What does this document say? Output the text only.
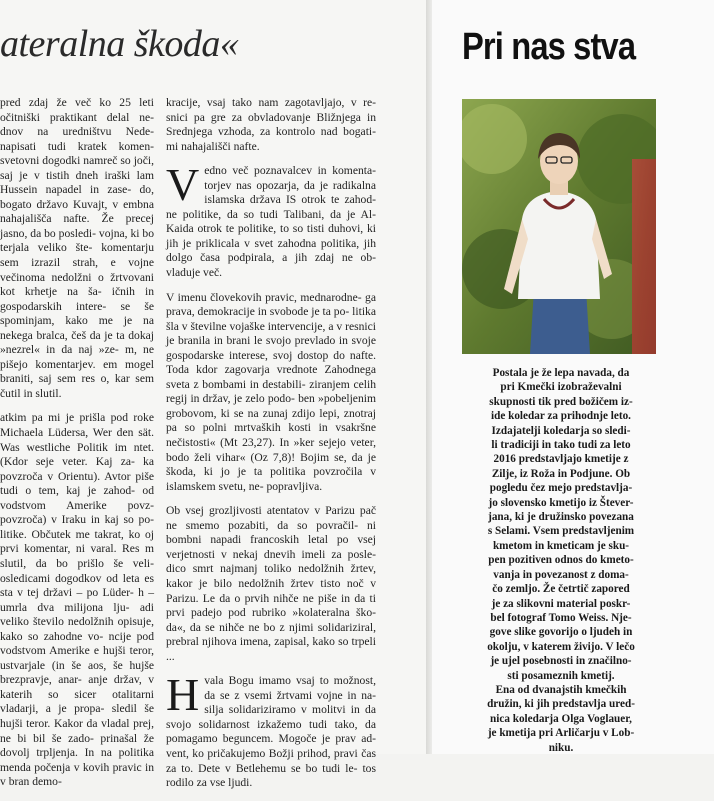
ateralna škoda«

pred zdaj že več ko 25 leti očitniški praktikant delal ne- dnov na uredništvu Nede- napisati tudi kratek komen- svetovni dogodki namreč so joči, saj je v tistih dneh iraški lam Hussein napadel in zase- do, bogato državo Kuvajt, v embna nahajališča nafte. Že precej jasno, da bo posledi- vojna, ki bo terjala veliko šte- komentarju sem izrazil strah, e vojne večinoma nedolžni o žrtvovani kot krhetje na ša- ičnih in gospodarskih intere- se še spominjam, kako me je na nekega bralca, češ da je ta dokaj »nezrel« in da naj »ze- m, ne pišejo komentarjev. em mogel braniti, saj sem res o, kar sem čutil in slutil.

atkim pa mi je prišla pod roke Michaela Lüdersa, Wer den sät. Was westliche Politik im ntet. (Kdor seje veter. Kaj za- ka povzroča v Orientu). Avtor piše tudi o tem, kaj je zahod- od vodstvom Amerike povz- povzroča) v Iraku in kaj so po- litike. Občutek me takrat, ko oj prvi komentar, ni varal. Res m slutil, da bo prišlo še veli- osledicami dogodkov od leta es sta v tej državi – po Lüder- h – umrla dva milijona lju- adi veliko število nedolžnih opisuje, kako so zahodne vo- ncije pod vodstvom Amerike e hujši teror, ustvarjale (in še aos, še hujše brezpravje, anar- anje držav, v katerih so sicer otalitarni vladarji, a je propa- sledil še hujši teror. Kakor da vladal prej, ne bi bil še zado- prinašal že dovolj trpljenja. In na politika menda počenja v kovih pravic in v bran demo-

kracije, vsaj tako nam zagotavljajo, v re- snici pa gre za obvladovanje Bližnjega in Srednjega vzhoda, za kontrolo nad bogati- mi nahajališči nafte.

Vedno več poznavalcev in komenta- torjev nas opozarja, da je radikalna islamska država IS otrok te zahod- ne politike, da so tudi Talibani, da je Al- Kaida otrok te politike, to so tisti duhovi, ki jih je priklicala v svet zahodna politika, jih dolgo časa podpirala, a jih zdaj ne ob- vladuje več.

V imenu človekovih pravic, mednarodne- ga prava, demokracije in svobode je ta po- litika šla v številne vojaške intervencije, a v resnici je branila in brani le svojo prevlado in svoje gospodarske interese, svoj dostop do nafte. Toda kdor zagovarja vrednote Zahodnega sveta z bombami in destabili- ziranjem celih regij in držav, je zelo podo- ben »pobeljenim grobovom, ki se na zunaj zdijo lepi, znotraj pa so polni mrtvaških kosti in vsakršne nečistosti« (Mt 23,27). In »ker sejejo veter, bodo želi vihar« (Oz 7,8)! Bojim se, da je škoda, ki jo je ta politika povzročila v islamskem svetu, ne- popravljiva.

Ob vsej grozljivosti atentatov v Parizu pač ne smemo pozabiti, da so povračil- ni bombni napadi francoskih letal po vsej verjetnosti v nekaj dnevih imeli za posle- dico smrt najmanj toliko nedolžnih žrtev, kakor je bilo nedolžnih žrtev tisto noč v Parizu. Le da o prvih nihče ne piše in da ti prvi padejo pod rubriko »kolateralna ško- da«, da se nihče ne bo z njimi solidariziral, prebral njihova imena, zapisal, kako so trpeli ...

Hvala Bogu imamo vsaj to možnost, da se z vsemi žrtvami vojne in na- silja solidariziramo v molitvi in da svojo solidarnost izkažemo tudi tako, da pomagamo beguncem. Mogoče je prav ad- vent, ko pričakujemo Božji prihod, pravi čas za to. Dete v Betlehemu se bo tudi le- tos rodilo za vse ljudi.

Pri nas stva
Postala je že lepa navada, da
pri Kmečki izobraževalni
skupnosti tik pred božičem iz-
ide koledar za prihodnje leto.
Izdajatelji koledarja so sledi-
li tradiciji in tako tudi za leto
2016 predstavljajo kmetije z
Zilje, iz Roža in Podjune. Ob
pogledu čez mejo predstavlja-
jo slovensko kmetijo iz Štever-
jana, ki je družinsko povezana
s Selami. Vsem predstavljenim
kmetom in kmeticam je sku-
pen pozitiven odnos do kmeto-
vanja in povezanost z doma-
čo zemljo. Že četrtič zapored
je za slikovni material poskr-
bel fotograf Tomo Weiss. Nje-
gove slike govorijo o ljudeh in
okolju, v katerem živijo. V lečo
je ujel posebnosti in značilno-
sti posameznih kmetij.
Ena od dvanajstih kmečkih
družin, ki jih predstavlja ured-
nica koledarja Olga Voglauer,
je kmetija pri Arličarju v Lob-
niku.
